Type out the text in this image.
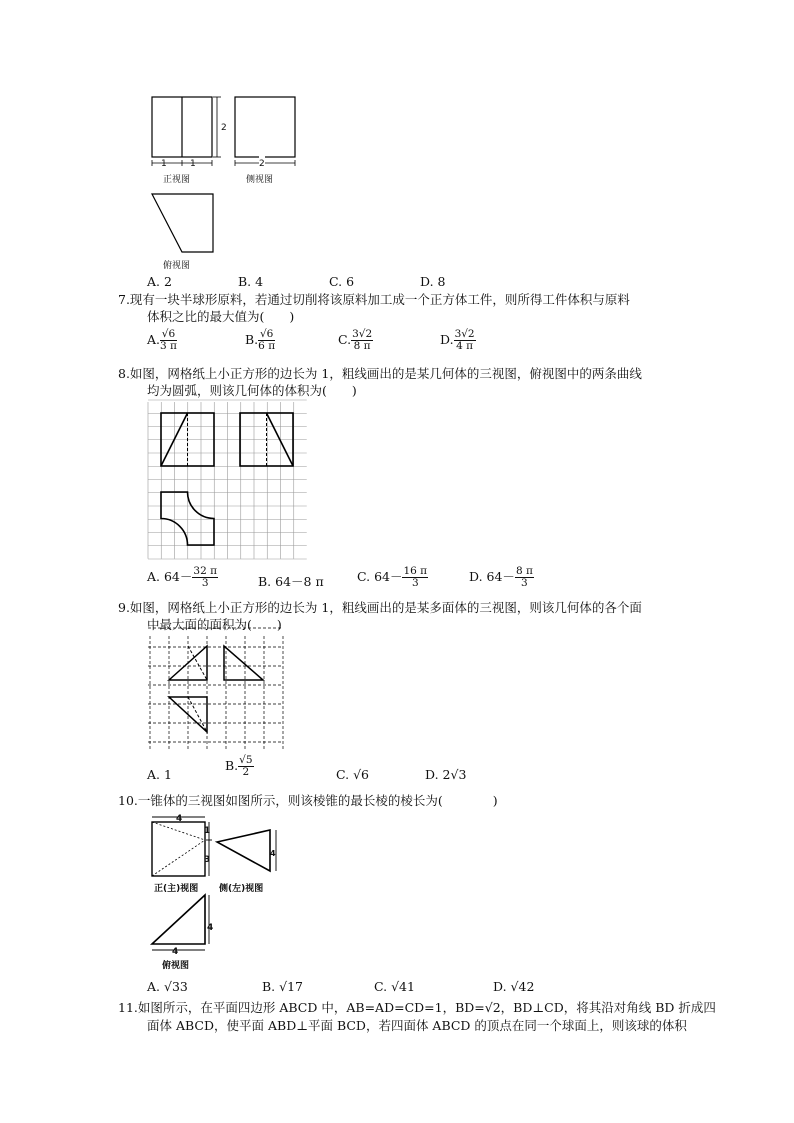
1	1
2
正视图
2
侧视图
俯视图
A. 2	B. 4	C. 6	D. 8
7.现有一块半球形原料，若通过切削将该原料加工成一个正方体工件，则所得工件体积与原料
体积之比的最大值为(　　)
A. $\frac{√6}{3 \pi}$	B. $\frac{√6}{6 \pi}$	C. $\frac{3√2}{8 \pi}$	D. $\frac{3√2}{4 \pi}$
8.如图，网格纸上小正方形的边长为 1，粗线画出的是某几何体的三视图，俯视图中的两条曲线
均为圆弧，则该几何体的体积为(　　)
A. $64- \frac{32 \pi}{3}$	B. 64－8 π	C. $64- \frac{16 \pi}{3}$	D. $64- \frac{8 \pi}{3}$
9.如图，网格纸上小正方形的边长为 1，粗线画出的是某多面体的三视图，则该几何体的各个面
中最大面的面积为(　　)
A. 1
B. $\frac{√5}{2}$	C. √6	D. 2√3
10.一锥体的三视图如图所示，则该棱锥的最长棱的棱长为(　　　　)
4
1
3
正(主)视图
4
侧(左)视图
4
4
俯视图
A. √33	B. √17	C. √41	D. √42
11.如图所示，在平面四边形 ABCD 中，AB=AD=CD=1，BD=√2，BD⊥CD，将其沿对角线 BD 折成四
面体 ABCD，使平面 ABD⊥平面 BCD，若四面体 ABCD 的顶点在同一个球面上，则该球的体积
